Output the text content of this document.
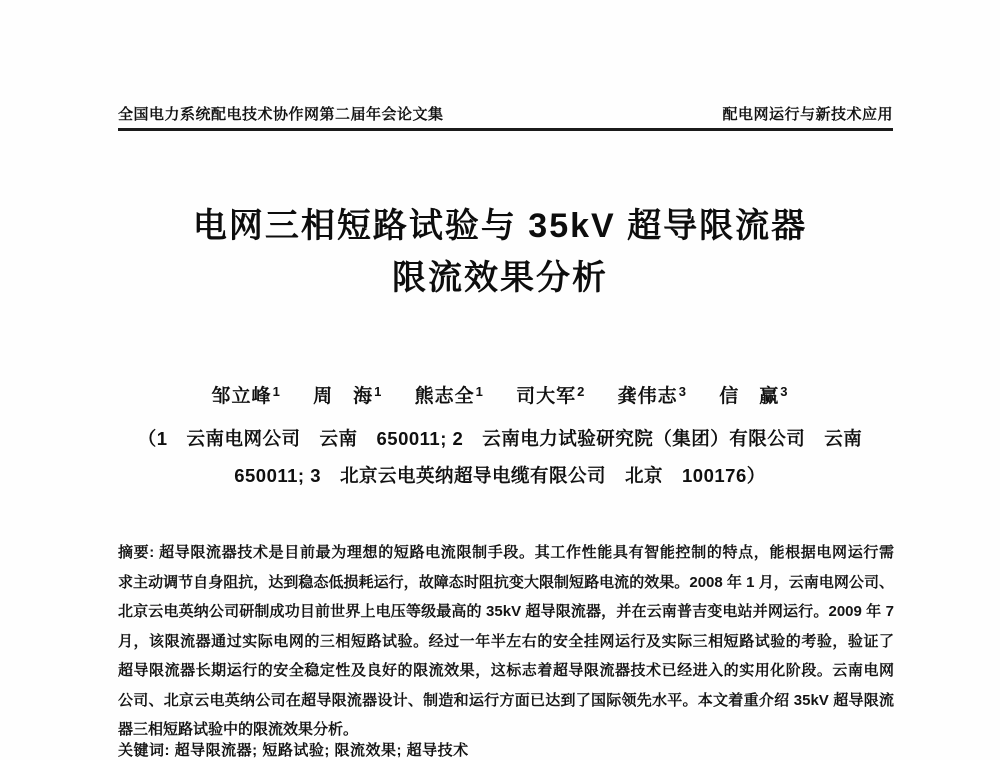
全国电力系统配电技术协作网第二届年会论文集	配电网运行与新技术应用
电网三相短路试验与 35kV 超导限流器
限流效果分析
邹立峰$^1$ 周　海$^1$ 熊志全$^1$ 司大军$^2$ 龚伟志$^3$ 信　赢$^3$
（1　云南电网公司　云南　650011; 2　云南电力试验研究院（集团）有限公司　云南
650011; 3　北京云电英纳超导电缆有限公司　北京　100176）
摘要: 超导限流器技术是目前最为理想的短路电流限制手段。其工作性能具有智能控制的特点，能根据电网运行需
求主动调节自身阻抗，达到稳态低损耗运行，故障态时阻抗变大限制短路电流的效果。2008 年 1 月，云南电网公司、
北京云电英纳公司研制成功目前世界上电压等级最高的 35kV 超导限流器，并在云南普吉变电站并网运行。2009 年 7
月，该限流器通过实际电网的三相短路试验。经过一年半左右的安全挂网运行及实际三相短路试验的考验，验证了
超导限流器长期运行的安全稳定性及良好的限流效果，这标志着超导限流器技术已经进入的实用化阶段。云南电网
公司、北京云电英纳公司在超导限流器设计、制造和运行方面已达到了国际领先水平。本文着重介绍 35kV 超导限流
器三相短路试验中的限流效果分析。
关键词: 超导限流器; 短路试验; 限流效果; 超导技术
